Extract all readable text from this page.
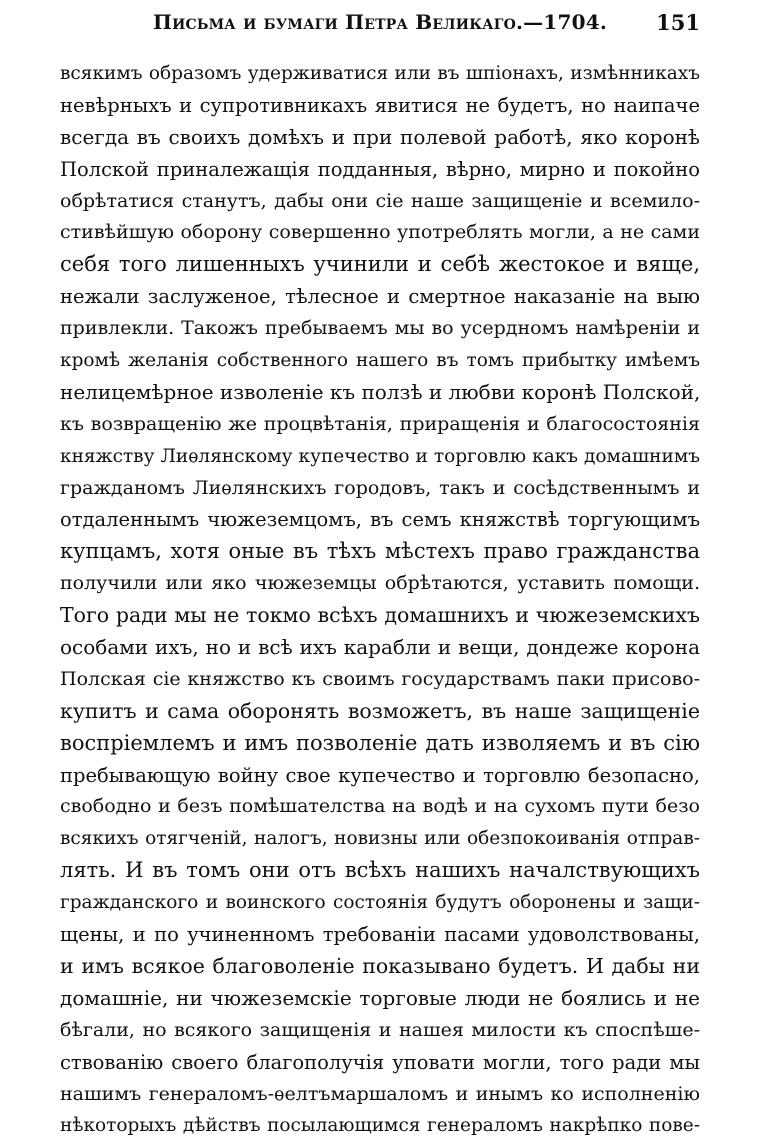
Письма и бумаги Петра Великаго.—1704.	151
всякимъ образомъ удерживатися или въ шпіонахъ, измѣнникахъ
невѣрныхъ и супротивникахъ явитися не будетъ, но наипаче
всегда въ своихъ домѣхъ и при полевой работѣ, яко коронѣ
Полской приналежащія подданныя, вѣрно, мирно и покойно
обрѣтатися станутъ, дабы они сіе наше защищеніе и всемило-
стивѣйшую оборону совершенно употреблять могли, а не сами
себя того лишенныхъ учинили и себѣ жестокое и вяще,
нежали заслуженое, тѣлесное и смертное наказаніе на выю
привлекли. Такожъ пребываемъ мы во усердномъ намѣреніи и
кромѣ желанія собственного нашего въ томъ прибытку имѣемъ
нелицемѣрное изволеніе къ ползѣ и любви коронѣ Полской,
къ возвращенію же процвѣтанія, приращенія и благосостоянія
княжству Лиѳлянскому купечество и торговлю какъ домашнимъ
гражданомъ Лиѳлянскихъ городовъ, такъ и сосѣдственнымъ и
отдаленнымъ чюжеземцомъ, въ семъ княжствѣ торгующимъ
купцамъ, хотя оные въ тѣхъ мѣстехъ право гражданства
получили или яко чюжеземцы обрѣтаются, уставить помощи.
Того ради мы не токмо всѣхъ домашнихъ и чюжеземскихъ
особами ихъ, но и всѣ ихъ карабли и вещи, дондеже корона
Полская сіе княжство къ своимъ государствамъ паки присово-
купитъ и сама оборонять возможетъ, въ наше защищеніе
воспріемлемъ и имъ позволеніе дать изволяемъ и въ сію
пребывающую войну свое купечество и торговлю безопасно,
свободно и безъ помѣшателства на водѣ и на сухомъ пути безо
всякихъ отягченій, налогъ, новизны или обезпокоиванія отправ-
лять. И въ томъ они отъ всѣхъ нашихъ началствующихъ
гражданского и воинского состоянія будутъ оборонены и защи-
щены, и по учиненномъ требованіи пасами удоволствованы,
и имъ всякое благоволеніе показывано будетъ. И дабы ни
домашніе, ни чюжеземскіе торговые люди не боялись и не
бѣгали, но всякого защищенія и нашея милости къ споспѣше-
ствованію своего благополучія уповати могли, того ради мы
нашимъ генераломъ-ѳелтъмаршаломъ и инымъ ко исполненію
нѣкоторыхъ дѣйствъ посылающимся генераломъ накрѣпко пове-
